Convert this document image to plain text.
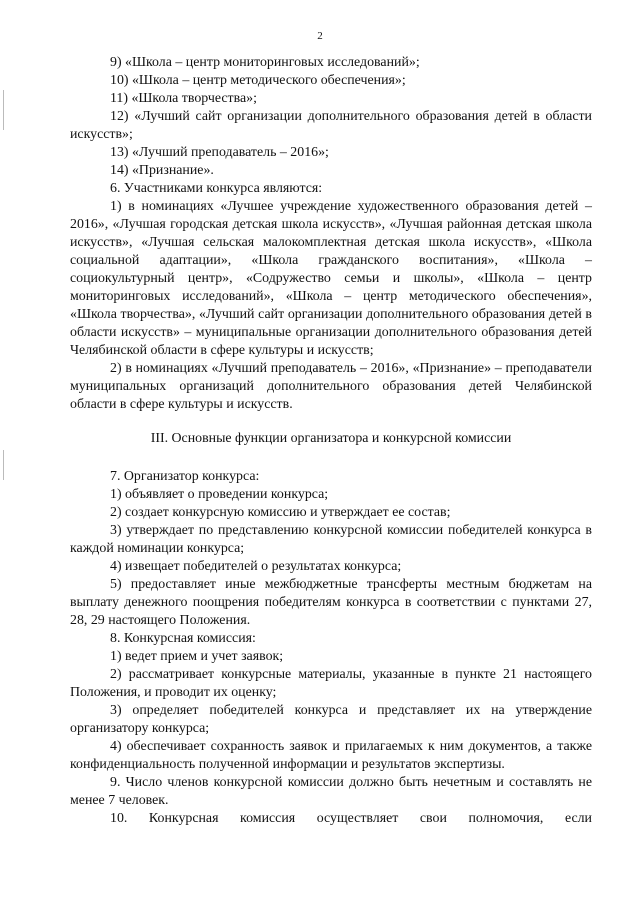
2

9) «Школа – центр мониторинговых исследований»;

10) «Школа – центр методического обеспечения»;

11) «Школа творчества»;

12) «Лучший сайт организации дополнительного образования детей в области искусств»;

13) «Лучший преподаватель – 2016»;

14) «Признание».

6. Участниками конкурса являются:

1) в номинациях «Лучшее учреждение художественного образования детей – 2016», «Лучшая городская детская школа искусств», «Лучшая районная детская школа искусств», «Лучшая сельская малокомплектная детская школа искусств», «Школа социальной адаптации», «Школа гражданского воспитания», «Школа – социокультурный центр», «Содружество семьи и школы», «Школа – центр мониторинговых исследований», «Школа – центр методического обеспечения», «Школа творчества», «Лучший сайт организации дополнительного образования детей в области искусств» – муниципальные организации дополнительного образования детей Челябинской области в сфере культуры и искусств;

2) в номинациях «Лучший преподаватель – 2016», «Признание» – преподаватели муниципальных организаций дополнительного образования детей Челябинской области в сфере культуры и искусств.

III. Основные функции организатора и конкурсной комиссии

7. Организатор конкурса:

1) объявляет о проведении конкурса;

2) создает конкурсную комиссию и утверждает ее состав;

3) утверждает по представлению конкурсной комиссии победителей конкурса в каждой номинации конкурса;

4) извещает победителей о результатах конкурса;

5) предоставляет иные межбюджетные трансферты местным бюджетам на выплату денежного поощрения победителям конкурса в соответствии с пунктами 27, 28, 29 настоящего Положения.

8. Конкурсная комиссия:

1) ведет прием и учет заявок;

2) рассматривает конкурсные материалы, указанные в пункте 21 настоящего Положения, и проводит их оценку;

3) определяет победителей конкурса и представляет их на утверждение организатору конкурса;

4) обеспечивает сохранность заявок и прилагаемых к ним документов, а также конфиденциальность полученной информации и результатов экспертизы.

9. Число членов конкурсной комиссии должно быть нечетным и составлять не менее 7 человек.

10. Конкурсная комиссия осуществляет свои полномочия, если
